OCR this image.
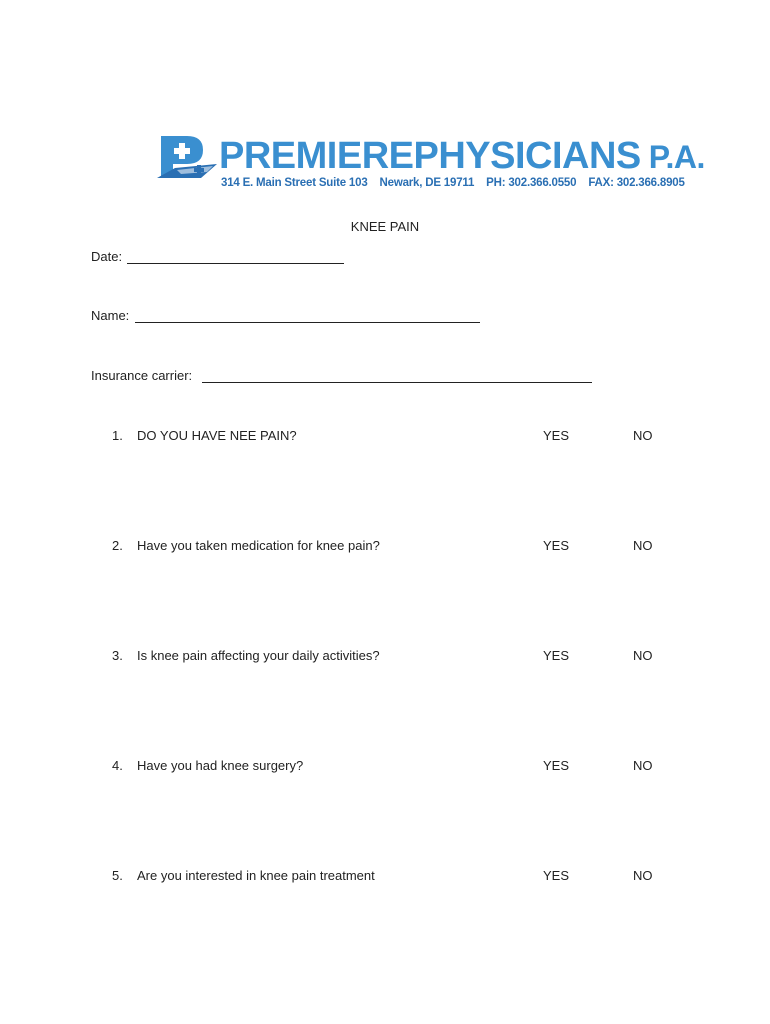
PREMIEREPHYSICIANS P.A.
314 E. Main Street Suite 103 Newark, DE 19711 PH: 302.366.0550 FAX: 302.366.8905
KNEE PAIN
Date:
Name:
Insurance carrier:
1. DO YOU HAVE NEE PAIN?	YES	NO
2. Have you taken medication for knee pain?	YES	NO
3. Is knee pain affecting your daily activities?	YES	NO
4. Have you had knee surgery?	YES	NO
5. Are you interested in knee pain treatment	YES	NO
